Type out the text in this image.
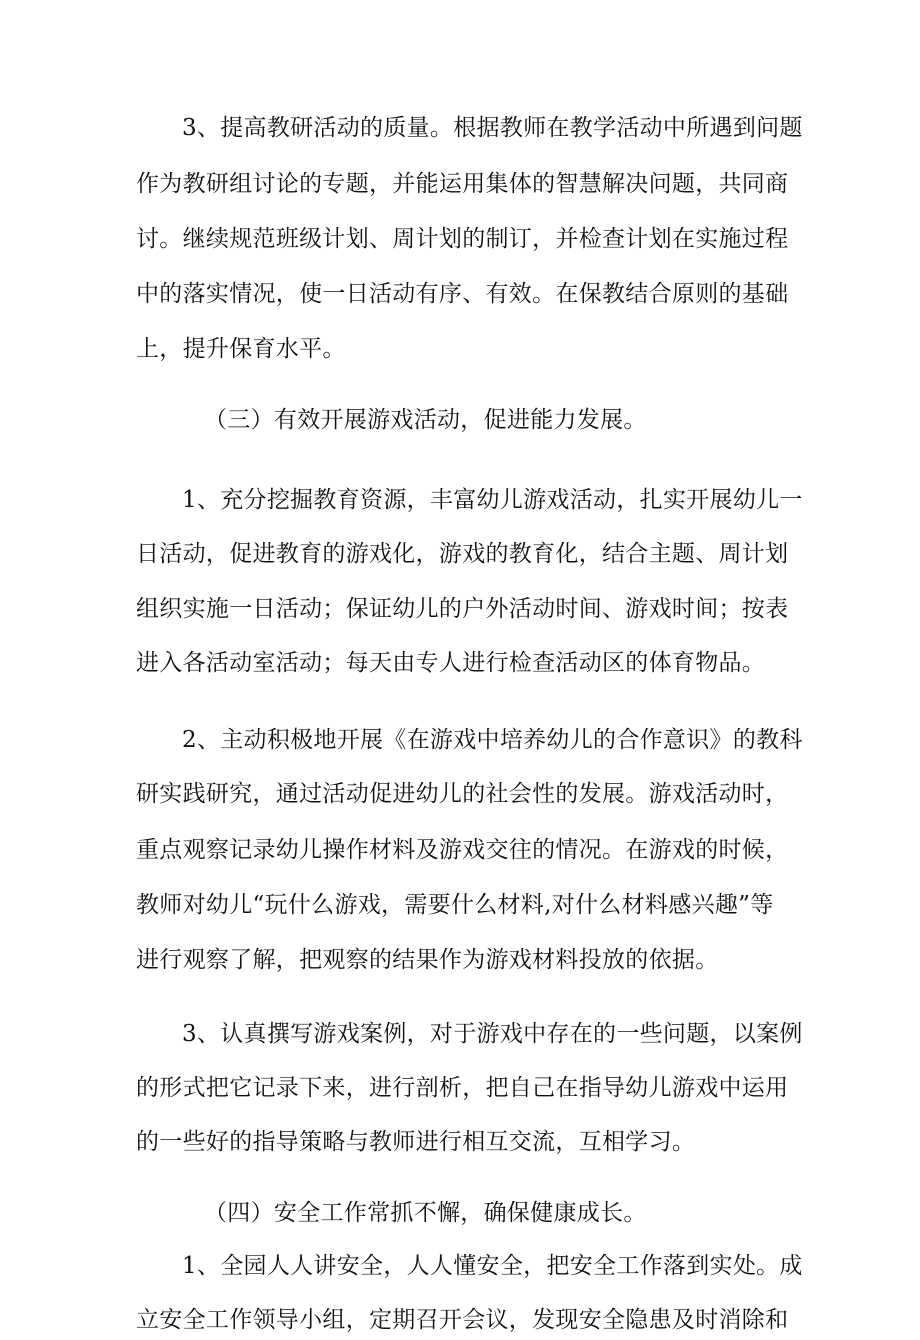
3、提高教研活动的质量。根据教师在教学活动中所遇到问题
作为教研组讨论的专题，并能运用集体的智慧解决问题，共同商
讨。继续规范班级计划、周计划的制订，并检查计划在实施过程
中的落实情况，使一日活动有序、有效。在保教结合原则的基础
上，提升保育水平。
（三）有效开展游戏活动，促进能力发展。
1、充分挖掘教育资源，丰富幼儿游戏活动，扎实开展幼儿一
日活动，促进教育的游戏化，游戏的教育化，结合主题、周计划
组织实施一日活动；保证幼儿的户外活动时间、游戏时间；按表
进入各活动室活动；每天由专人进行检查活动区的体育物品。
2、主动积极地开展《在游戏中培养幼儿的合作意识》的教科
研实践研究，通过活动促进幼儿的社会性的发展。游戏活动时，
重点观察记录幼儿操作材料及游戏交往的情况。在游戏的时候，
教师对幼儿“玩什么游戏，需要什么材料,对什么材料感兴趣”等
进行观察了解，把观察的结果作为游戏材料投放的依据。
3、认真撰写游戏案例，对于游戏中存在的一些问题，以案例
的形式把它记录下来，进行剖析，把自己在指导幼儿游戏中运用
的一些好的指导策略与教师进行相互交流，互相学习。
（四）安全工作常抓不懈，确保健康成长。
1、全园人人讲安全，人人懂安全，把安全工作落到实处。成
立安全工作领导小组，定期召开会议，发现安全隐患及时消除和
